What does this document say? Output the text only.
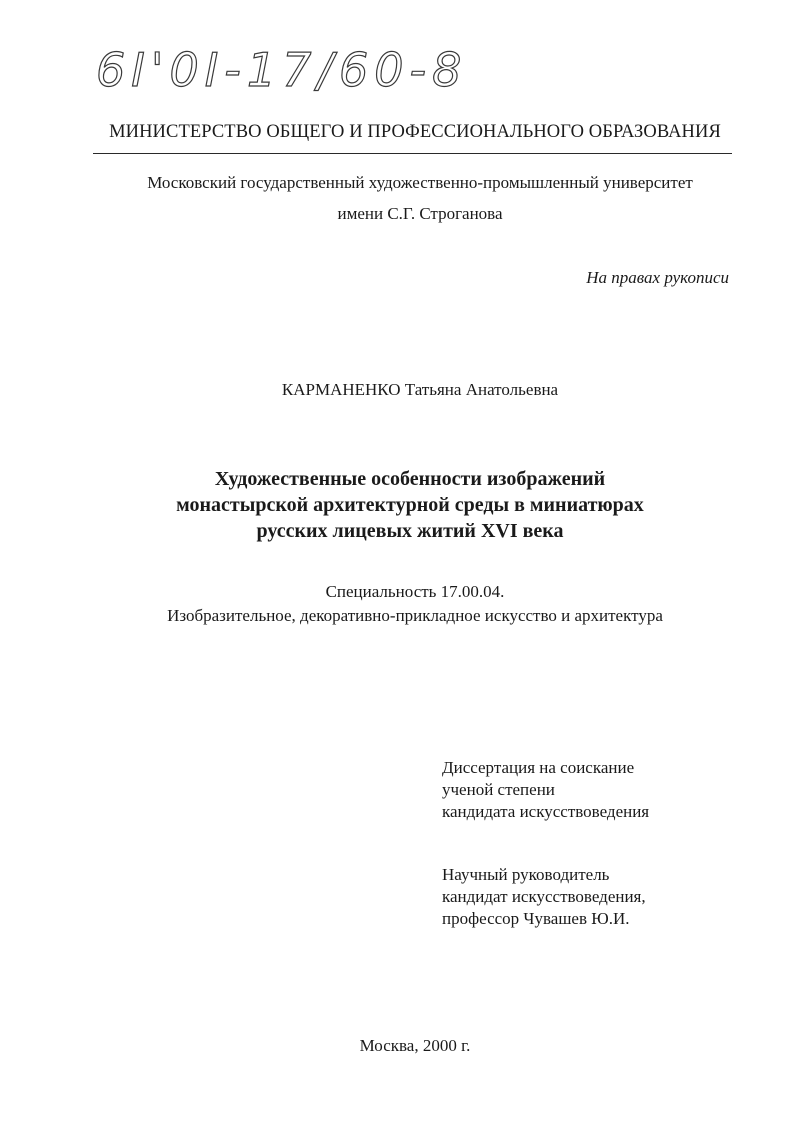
6I'0I-17/60-8
МИНИСТЕРСТВО ОБЩЕГО И ПРОФЕССИОНАЛЬНОГО ОБРАЗОВАНИЯ
Московский государственный художественно-промышленный университет
имени С.Г. Строганова
На правах рукописи
КАРМАНЕНКО Татьяна Анатольевна
Художественные особенности изображений
монастырской архитектурной среды в миниатюрах
русских лицевых житий XVI века
Специальность 17.00.04.
Изобразительное, декоративно-прикладное искусство и архитектура
Диссертация на соискание
ученой степени
кандидата искусствоведения
Научный руководитель
кандидат искусствоведения,
профессор Чувашев Ю.И.
Москва, 2000 г.
